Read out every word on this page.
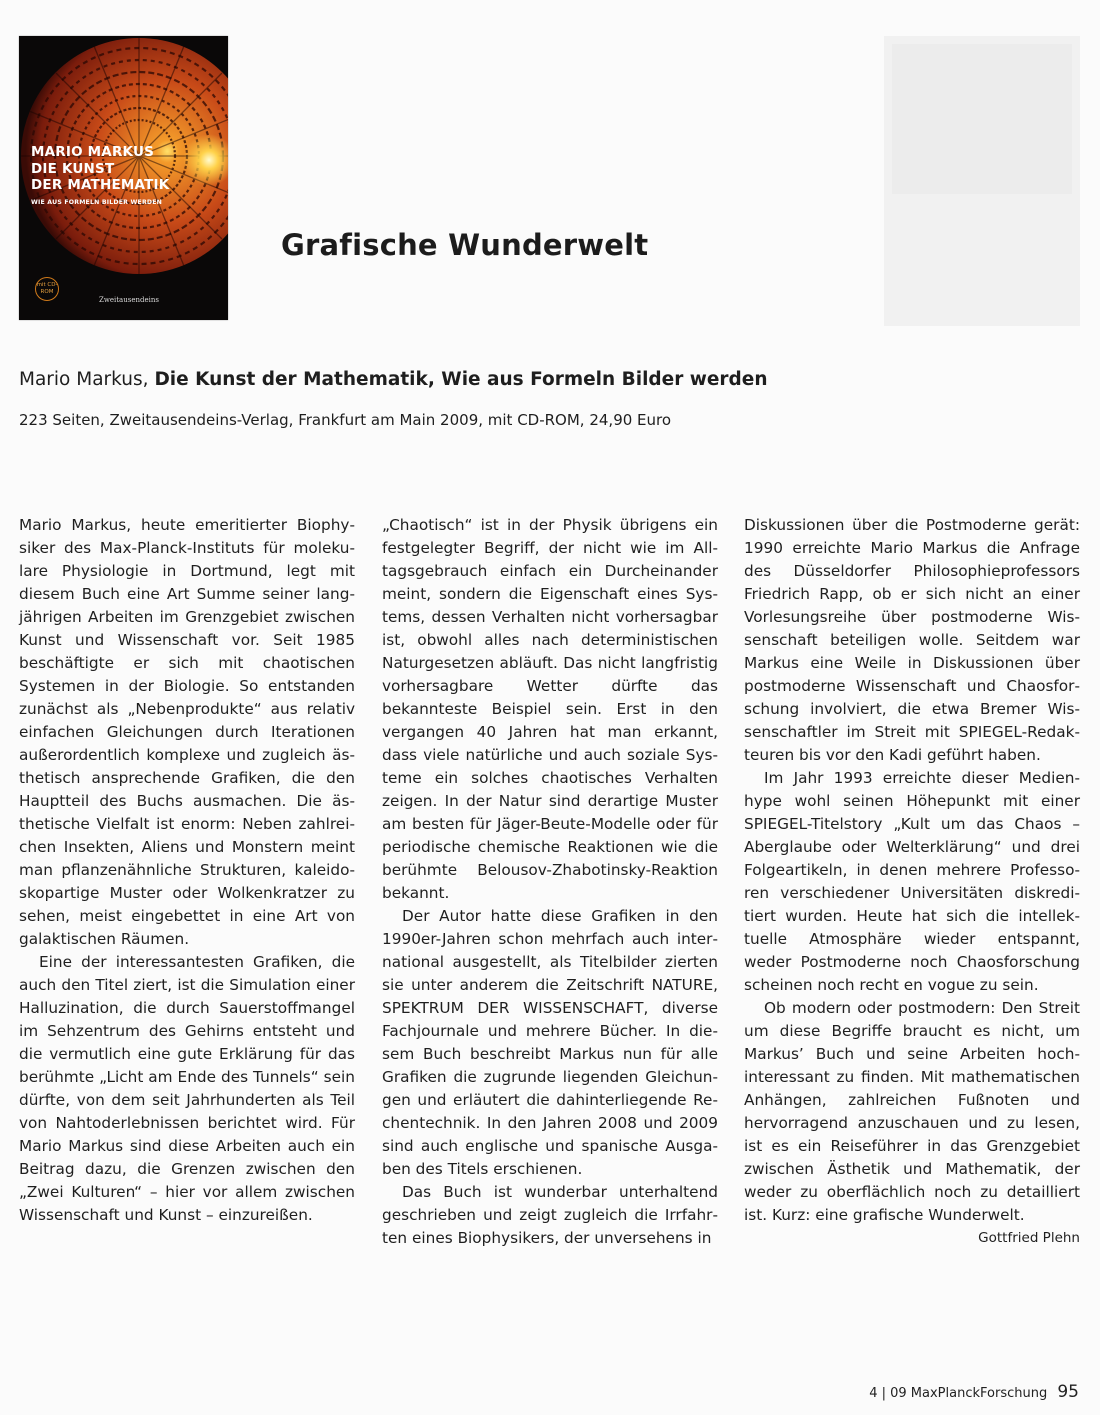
MARIO MARKUS
DIE KUNST
DER MATHEMATIK
WIE AUS FORMELN BILDER WERDEN
mit CD-ROM
Zweitausendeins
Grafische Wunderwelt
Mario Markus, Die Kunst der Mathematik, Wie aus Formeln Bilder werden
223 Seiten, Zweitausendeins-Verlag, Frankfurt am Main 2009, mit CD-ROM, 24,90 Euro

Mario Markus, heute emeritierter Biophysiker des Max-Planck-Instituts für molekulare Physiologie in Dortmund, legt mit diesem Buch eine Art Summe seiner langjährigen Arbeiten im Grenzgebiet zwischen Kunst und Wissenschaft vor. Seit 1985 beschäftigte er sich mit chaotischen Systemen in der Biologie. So entstanden zunächst als „Nebenprodukte“ aus relativ einfachen Gleichungen durch Iterationen außerordentlich komplexe und zugleich ästhetisch ansprechende Grafiken, die den Hauptteil des Buchs ausmachen. Die ästhetische Vielfalt ist enorm: Neben zahlreichen Insekten, Aliens und Monstern meint man pflanzenähnliche Strukturen, kaleidoskopartige Muster oder Wolkenkratzer zu sehen, meist eingebettet in eine Art von galaktischen Räumen.

Eine der interessantesten Grafiken, die auch den Titel ziert, ist die Simulation einer Halluzination, die durch Sauerstoffmangel im Sehzentrum des Gehirns entsteht und die vermutlich eine gute Erklärung für das berühmte „Licht am Ende des Tunnels“ sein dürfte, von dem seit Jahrhunderten als Teil von Nahtoderlebnissen berichtet wird. Für Mario Markus sind diese Arbeiten auch ein Beitrag dazu, die Grenzen zwischen den „Zwei Kulturen“ – hier vor allem zwischen Wissenschaft und Kunst – einzureißen.

„Chaotisch“ ist in der Physik übrigens ein festgelegter Begriff, der nicht wie im Alltagsgebrauch einfach ein Durcheinander meint, sondern die Eigenschaft eines Systems, dessen Verhalten nicht vorhersagbar ist, obwohl alles nach deterministischen Naturgesetzen abläuft. Das nicht langfristig vorhersagbare Wetter dürfte das bekannteste Beispiel sein. Erst in den vergangen 40 Jahren hat man erkannt, dass viele natürliche und auch soziale Systeme ein solches chaotisches Verhalten zeigen. In der Natur sind derartige Muster am besten für Jäger-Beute-Modelle oder für periodische chemische Reaktionen wie die berühmte Belousov-Zhabotinsky-Reaktion bekannt.

Der Autor hatte diese Grafiken in den 1990er-Jahren schon mehrfach auch international ausgestellt, als Titelbilder zierten sie unter anderem die Zeitschrift NATURE, SPEKTRUM DER WISSENSCHAFT, diverse Fachjournale und mehrere Bücher. In diesem Buch beschreibt Markus nun für alle Grafiken die zugrunde liegenden Gleichungen und erläutert die dahinterliegende Rechentechnik. In den Jahren 2008 und 2009 sind auch englische und spanische Ausgaben des Titels erschienen.

Das Buch ist wunderbar unterhaltend geschrieben und zeigt zugleich die Irrfahrten eines Biophysikers, der unversehens in

Diskussionen über die Postmoderne gerät: 1990 erreichte Mario Markus die Anfrage des Düsseldorfer Philosophieprofessors Friedrich Rapp, ob er sich nicht an einer Vorlesungsreihe über postmoderne Wissenschaft beteiligen wolle. Seitdem war Markus eine Weile in Diskussionen über postmoderne Wissenschaft und Chaosforschung involviert, die etwa Bremer Wissenschaftler im Streit mit SPIEGEL-Redakteuren bis vor den Kadi geführt haben.

Im Jahr 1993 erreichte dieser Medienhype wohl seinen Höhepunkt mit einer SPIEGEL-Titelstory „Kult um das Chaos – Aberglaube oder Welterklärung“ und drei Folgeartikeln, in denen mehrere Professoren verschiedener Universitäten diskreditiert wurden. Heute hat sich die intellektuelle Atmosphäre wieder entspannt, weder Postmoderne noch Chaosforschung scheinen noch recht en vogue zu sein.

Ob modern oder postmodern: Den Streit um diese Begriffe braucht es nicht, um Markus’ Buch und seine Arbeiten hochinteressant zu finden. Mit mathematischen Anhängen, zahlreichen Fußnoten und hervorragend anzuschauen und zu lesen, ist es ein Reiseführer in das Grenzgebiet zwischen Ästhetik und Mathematik, der weder zu oberflächlich noch zu detailliert ist. Kurz: eine grafische Wunderwelt.

Gottfried Plehn
4 | 09 MaxPlanckForschung 95
